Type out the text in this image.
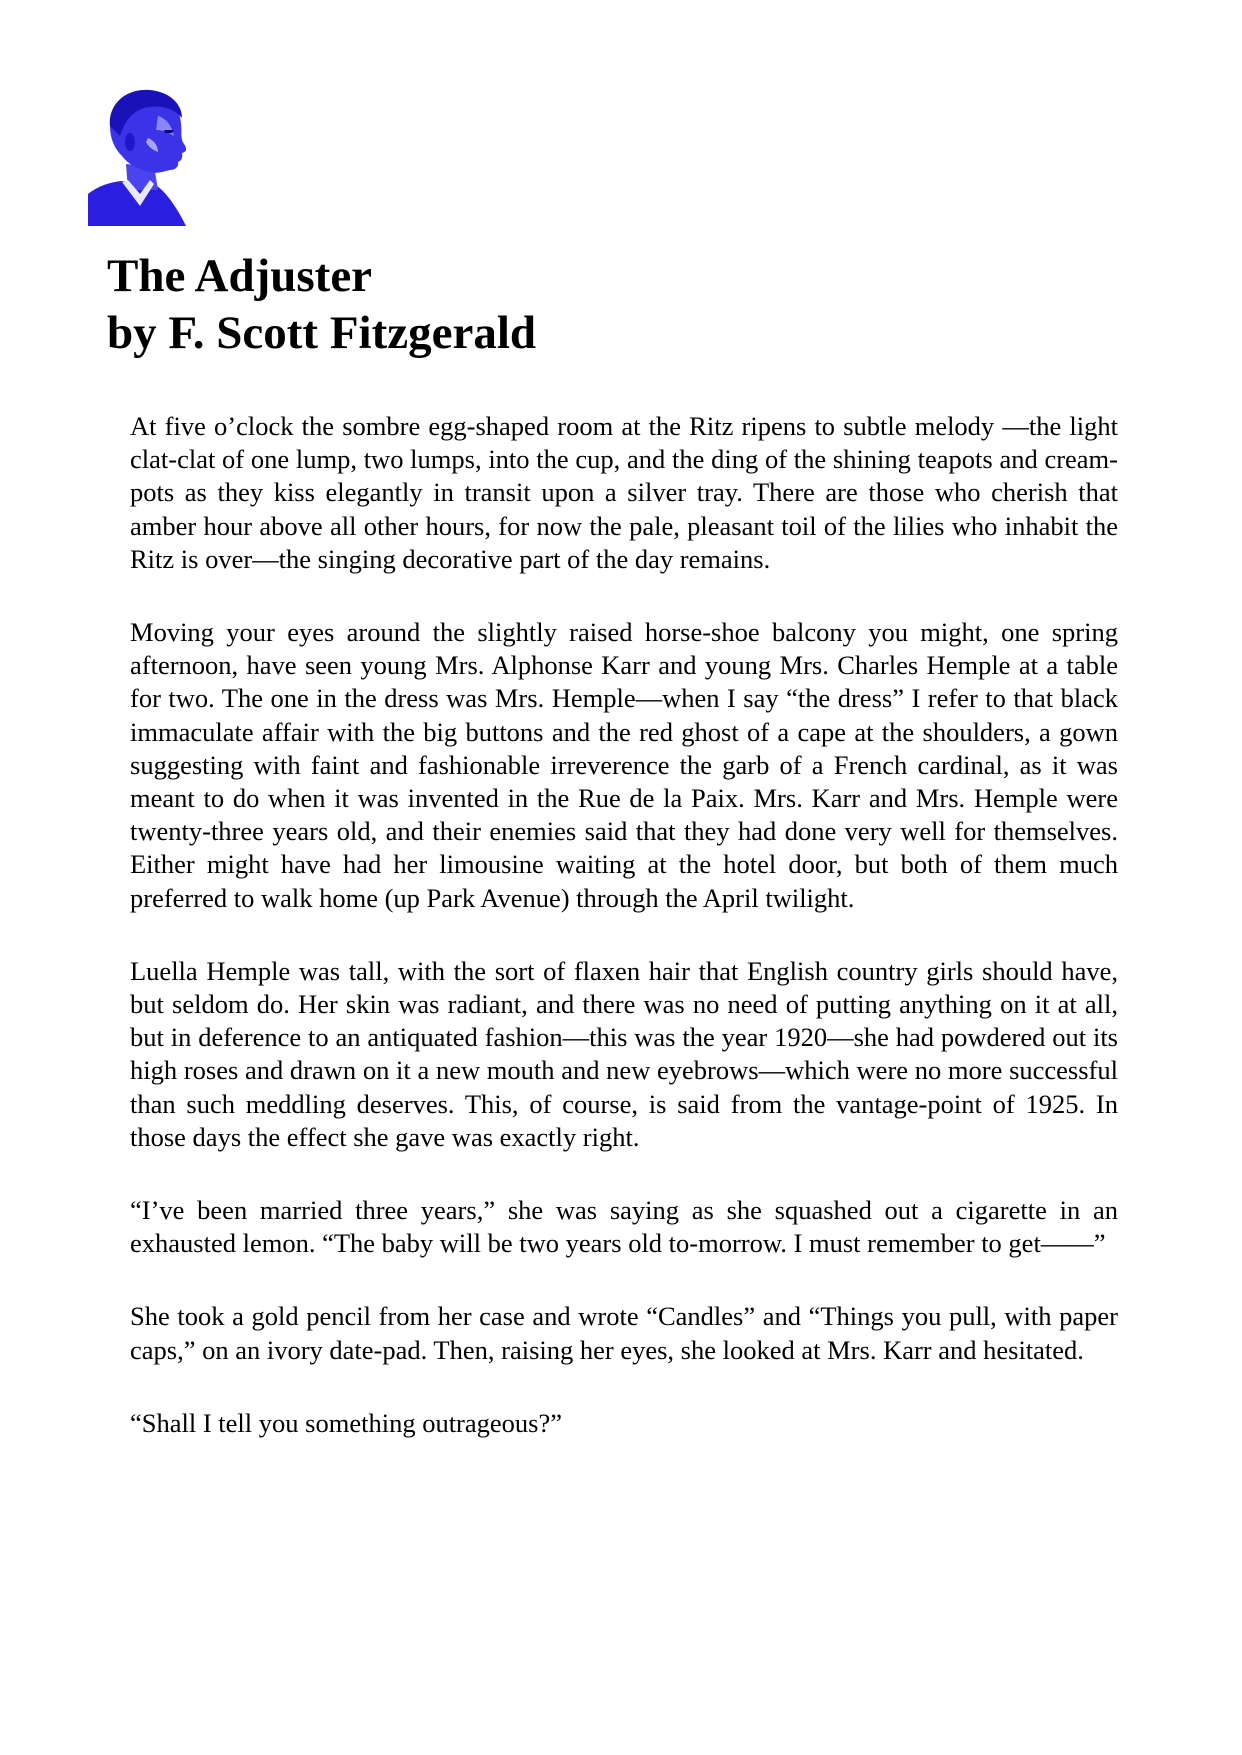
The Adjuster
by F. Scott Fitzgerald

At five o’clock the sombre egg-shaped room at the Ritz ripens to subtle melody —the light clat-clat of one lump, two lumps, into the cup, and the ding of the shining teapots and cream-pots as they kiss elegantly in transit upon a silver tray. There are those who cherish that amber hour above all other hours, for now the pale, pleasant toil of the lilies who inhabit the Ritz is over—the singing decorative part of the day remains.

Moving your eyes around the slightly raised horse-shoe balcony you might, one spring afternoon, have seen young Mrs. Alphonse Karr and young Mrs. Charles Hemple at a table for two. The one in the dress was Mrs. Hemple—when I say “the dress” I refer to that black immaculate affair with the big buttons and the red ghost of a cape at the shoulders, a gown suggesting with faint and fashionable irreverence the garb of a French cardinal, as it was meant to do when it was invented in the Rue de la Paix. Mrs. Karr and Mrs. Hemple were twenty-three years old, and their enemies said that they had done very well for themselves. Either might have had her limousine waiting at the hotel door, but both of them much preferred to walk home (up Park Avenue) through the April twilight.

Luella Hemple was tall, with the sort of flaxen hair that English country girls should have, but seldom do. Her skin was radiant, and there was no need of putting anything on it at all, but in deference to an antiquated fashion—this was the year 1920—she had powdered out its high roses and drawn on it a new mouth and new eyebrows—which were no more successful than such meddling deserves. This, of course, is said from the vantage-point of 1925. In those days the effect she gave was exactly right.

“I’ve been married three years,” she was saying as she squashed out a cigarette in an exhausted lemon. “The baby will be two years old to-morrow. I must remember to get——”

She took a gold pencil from her case and wrote “Candles” and “Things you pull, with paper caps,” on an ivory date-pad. Then, raising her eyes, she looked at Mrs. Karr and hesitated.

“Shall I tell you something outrageous?”
